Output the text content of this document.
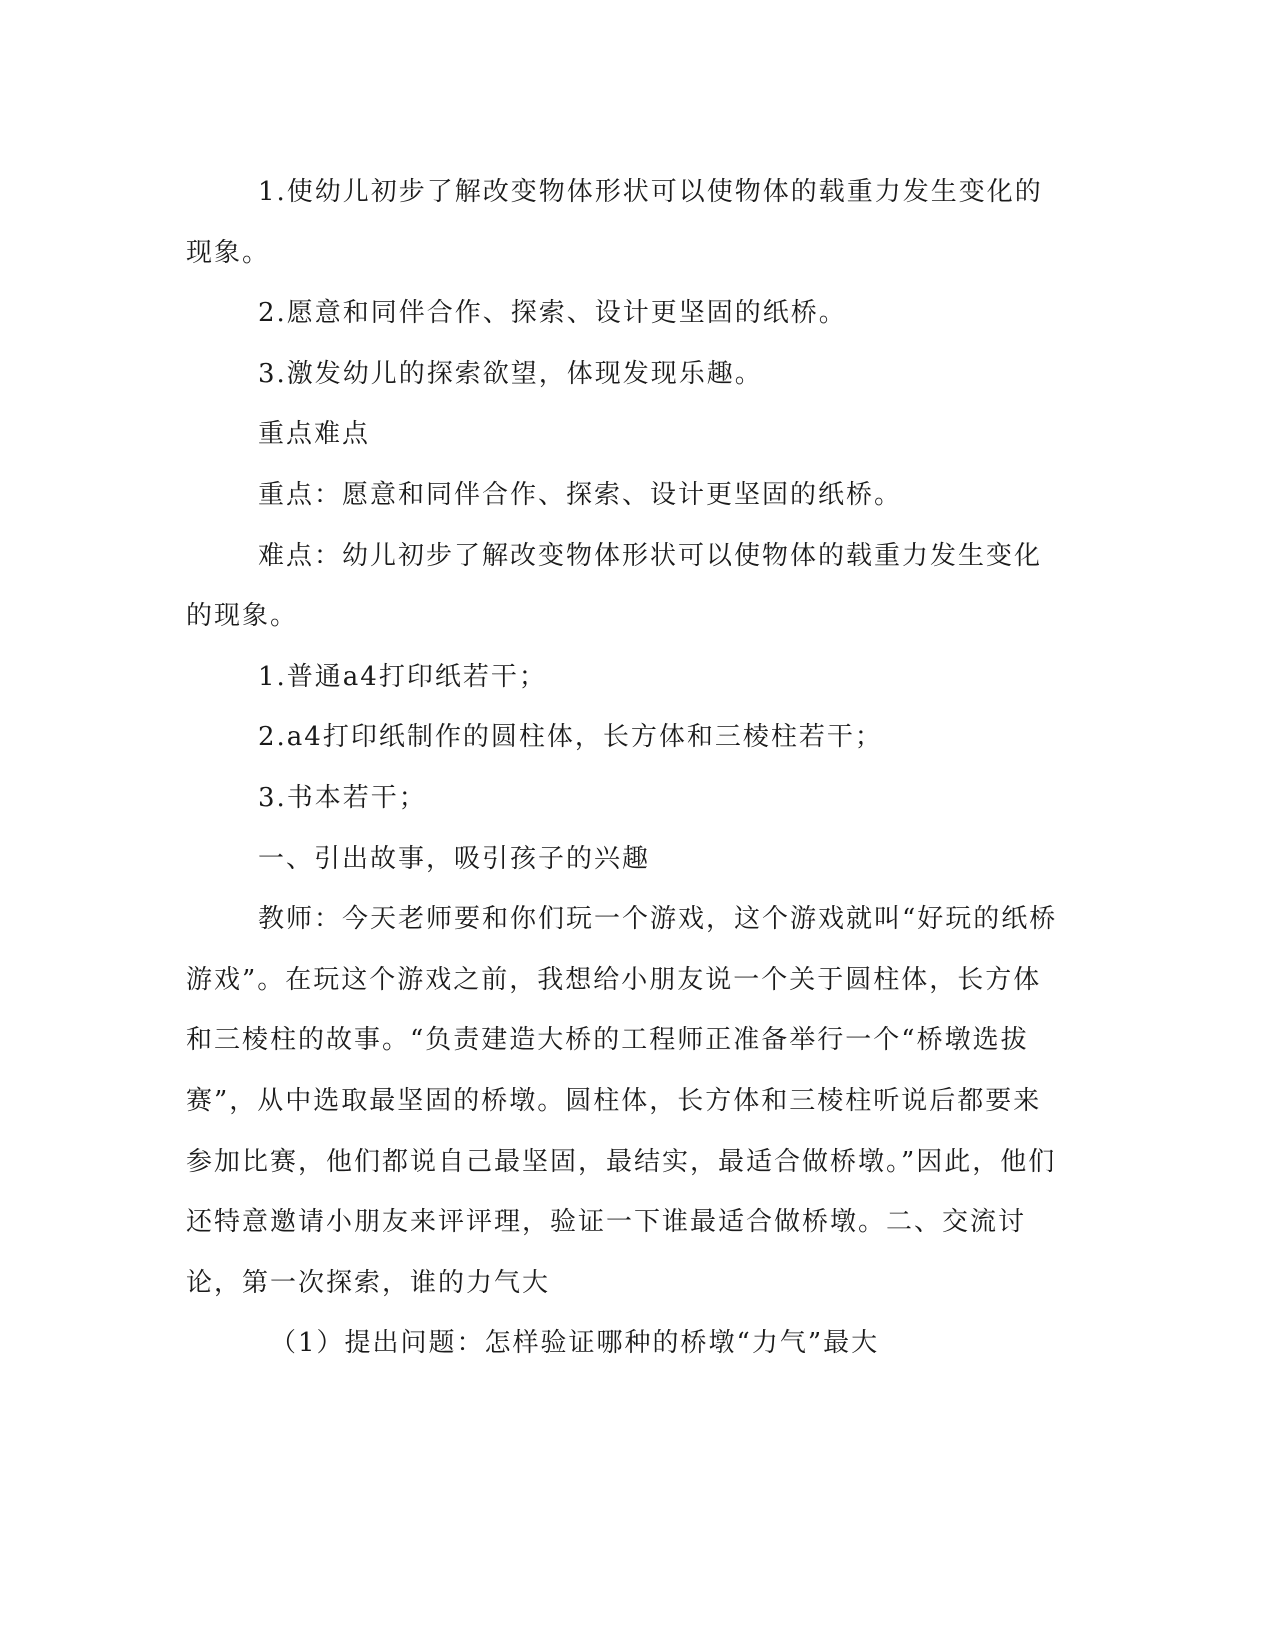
1.使幼儿初步了解改变物体形状可以使物体的载重力发生变化的现象。

2.愿意和同伴合作、探索、设计更坚固的纸桥。

3.激发幼儿的探索欲望，体现发现乐趣。

重点难点

重点：愿意和同伴合作、探索、设计更坚固的纸桥。

难点：幼儿初步了解改变物体形状可以使物体的载重力发生变化的现象。

1.普通a4打印纸若干；

2.a4打印纸制作的圆柱体，长方体和三棱柱若干；

3.书本若干；

一、引出故事，吸引孩子的兴趣

教师：今天老师要和你们玩一个游戏，这个游戏就叫“好玩的纸桥游戏”。在玩这个游戏之前，我想给小朋友说一个关于圆柱体，长方体和三棱柱的故事。“负责建造大桥的工程师正准备举行一个“桥墩选拔赛”，从中选取最坚固的桥墩。圆柱体，长方体和三棱柱听说后都要来参加比赛，他们都说自己最坚固，最结实，最适合做桥墩。”因此，他们还特意邀请小朋友来评评理，验证一下谁最适合做桥墩。二、交流讨论，第一次探索，谁的力气大

（1）提出问题：怎样验证哪种的桥墩“力气”最大
